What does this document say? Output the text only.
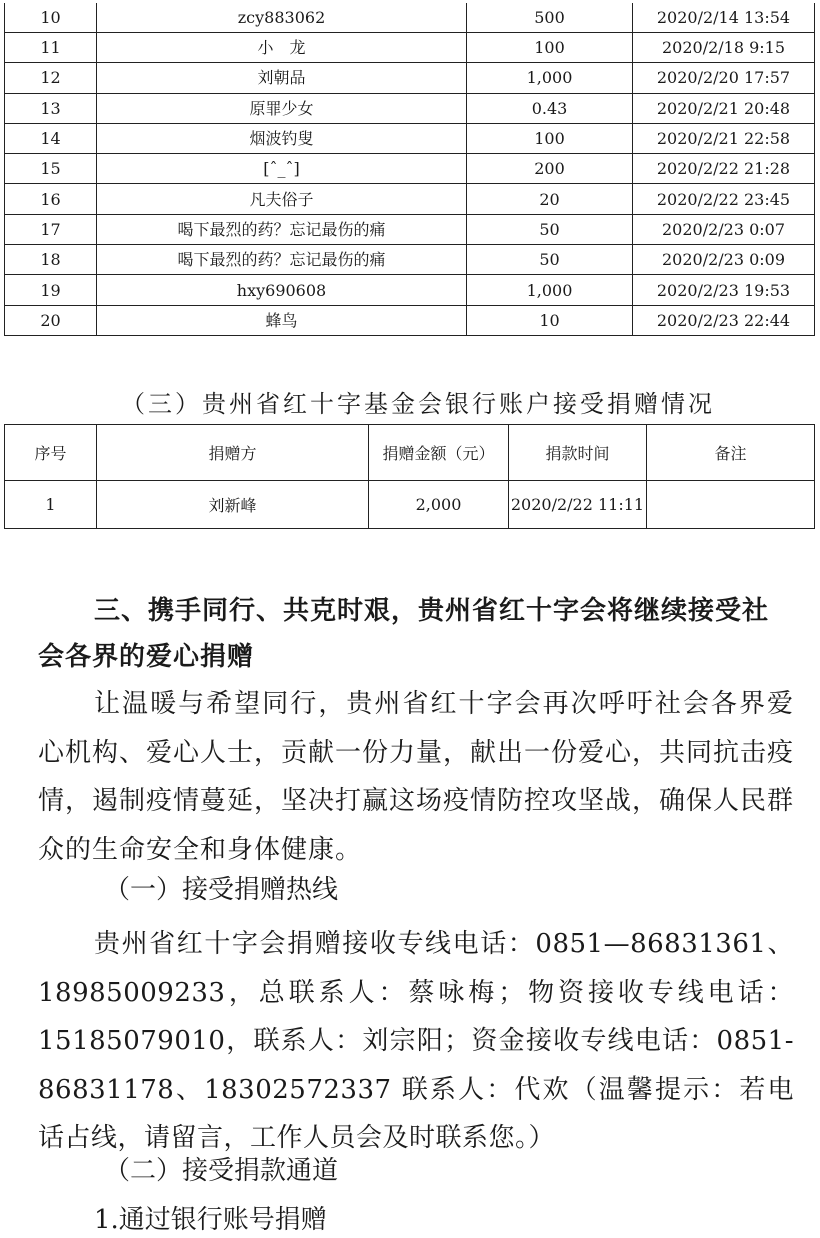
10	zcy883062	500	2020/2/14 13:54
11	小　龙	100	2020/2/18 9:15
12	刘朝品	1,000	2020/2/20 17:57
13	原罪少女	0.43	2020/2/21 20:48
14	烟波钓叟	100	2020/2/21 22:58
15	[ˆ_ˆ]	200	2020/2/22 21:28
16	凡夫俗子	20	2020/2/22 23:45
17	喝下最烈的药？忘记最伤的痛	50	2020/2/23 0:07
18	喝下最烈的药？忘记最伤的痛	50	2020/2/23 0:09
19	hxy690608	1,000	2020/2/23 19:53
20	蜂鸟	10	2020/2/23 22:44
（三）贵州省红十字基金会银行账户接受捐赠情况
序号	捐赠方	捐赠金额（元）	捐款时间	备注
1	刘新峰	2,000	2020/2/22 11:11	
三、携手同行、共克时艰，贵州省红十字会将继续接受社会各界的爱心捐赠
让温暖与希望同行，贵州省红十字会再次呼吁社会各界爱心机构、爱心人士，贡献一份力量，献出一份爱心，共同抗击疫情，遏制疫情蔓延，坚决打赢这场疫情防控攻坚战，确保人民群众的生命安全和身体健康。
（一）接受捐赠热线
贵州省红十字会捐赠接收专线电话：0851—86831361、18985009233，总联系人：蔡咏梅；物资接收专线电话：15185079010，联系人：刘宗阳；资金接收专线电话：0851-86831178、18302572337 联系人：代欢（温馨提示：若电话占线，请留言，工作人员会及时联系您。）
（二）接受捐款通道
1.通过银行账号捐赠
